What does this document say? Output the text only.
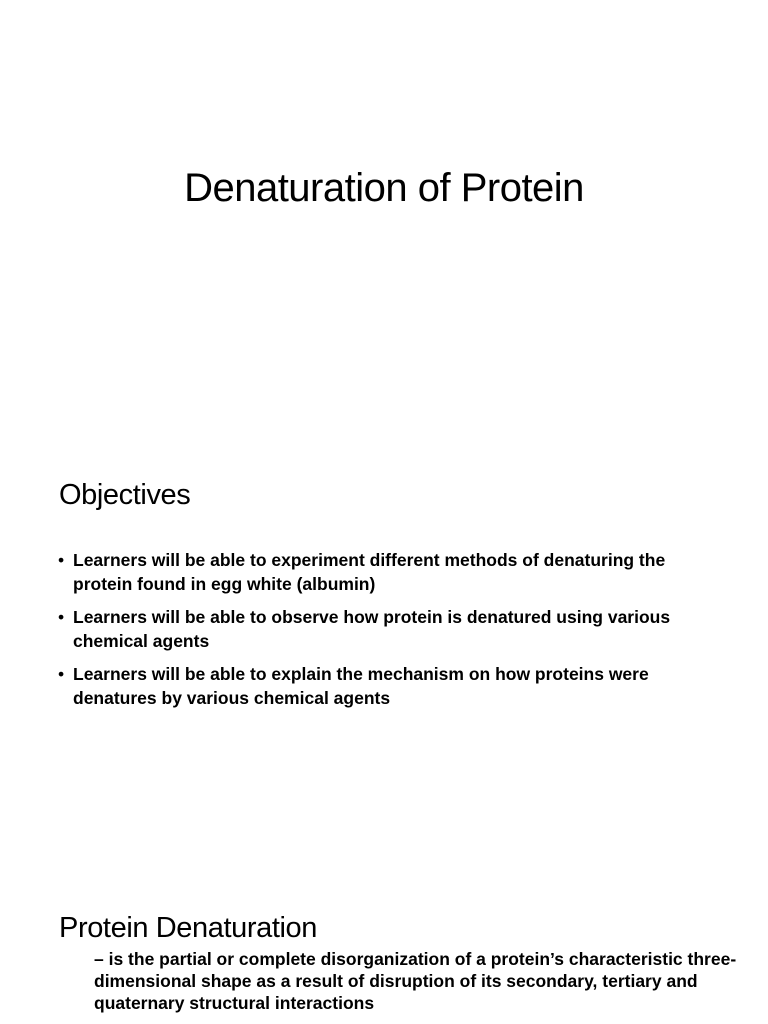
Denaturation of Protein
Objectives
• Learners will be able to experiment different methods of denaturing the protein found in egg white (albumin)
• Learners will be able to observe how protein is denatured using various chemical agents
• Learners will be able to explain the mechanism on how proteins were denatures by various chemical agents
Protein Denaturation

– is the partial or complete disorganization of a protein’s characteristic three-dimensional shape as a result of disruption of its secondary, tertiary and quaternary structural interactions
